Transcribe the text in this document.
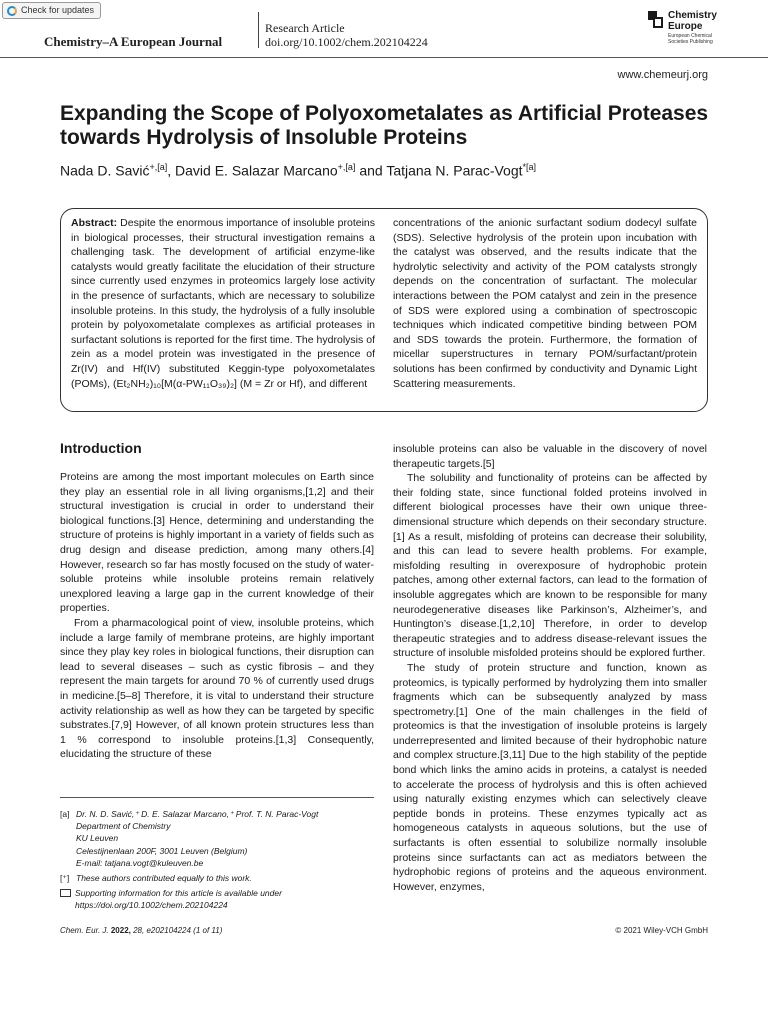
Check for updates
Chemistry–A European Journal
Research Article
doi.org/10.1002/chem.202104224
Chemistry
Europe
European Chemical
Societies Publishing
www.chemeurj.org
Expanding the Scope of Polyoxometalates as Artificial Proteases towards Hydrolysis of Insoluble Proteins
Nada D. Savić$^{+,[a]}$, David E. Salazar Marcano$^{+,[a]}$ and Tatjana N. Parac-Vogt$^{*[a]}$
Abstract: Despite the enormous importance of insoluble proteins in biological processes, their structural investigation remains a challenging task. The development of artificial enzyme-like catalysts would greatly facilitate the elucidation of their structure since currently used enzymes in proteomics largely lose activity in the presence of surfactants, which are necessary to solubilize insoluble proteins. In this study, the hydrolysis of a fully insoluble protein by polyoxometalate complexes as artificial proteases in surfactant solutions is reported for the first time. The hydrolysis of zein as a model protein was investigated in the presence of Zr(IV) and Hf(IV) substituted Keggin-type polyoxometalates (POMs), (Et₂NH₂)₁₀[M(α-PW₁₁O₃₉)₂] (M = Zr or Hf), and different
concentrations of the anionic surfactant sodium dodecyl sulfate (SDS). Selective hydrolysis of the protein upon incubation with the catalyst was observed, and the results indicate that the hydrolytic selectivity and activity of the POM catalysts strongly depends on the concentration of surfactant. The molecular interactions between the POM catalyst and zein in the presence of SDS were explored using a combination of spectroscopic techniques which indicated competitive binding between POM and SDS towards the protein. Furthermore, the formation of micellar superstructures in ternary POM/surfactant/protein solutions has been confirmed by conductivity and Dynamic Light Scattering measurements.
Introduction

Proteins are among the most important molecules on Earth since they play an essential role in all living organisms,[1,2] and their structural investigation is crucial in order to understand their biological functions.[3] Hence, determining and understanding the structure of proteins is highly important in a variety of fields such as drug design and disease prediction, among many others.[4] However, research so far has mostly focused on the study of water-soluble proteins while insoluble proteins remain relatively unexplored leaving a large gap in the current knowledge of their properties.

From a pharmacological point of view, insoluble proteins, which include a large family of membrane proteins, are highly important since they play key roles in biological functions, their disruption can lead to several diseases – such as cystic fibrosis – and they represent the main targets for around 70 % of currently used drugs in medicine.[5–8] Therefore, it is vital to understand their structure activity relationship as well as how they can be targeted by specific substrates.[7,9] However, of all known protein structures less than 1 % correspond to insoluble proteins.[1,3] Consequently, elucidating the structure of these

insoluble proteins can also be valuable in the discovery of novel therapeutic targets.[5]

The solubility and functionality of proteins can be affected by their folding state, since functional folded proteins involved in different biological processes have their own unique three-dimensional structure which depends on their secondary structure.[1] As a result, misfolding of proteins can decrease their solubility, and this can lead to severe health problems. For example, misfolding resulting in overexposure of hydrophobic protein patches, among other external factors, can lead to the formation of insoluble aggregates which are known to be responsible for many neurodegenerative diseases like Parkinson’s, Alzheimer’s, and Huntington’s disease.[1,2,10] Therefore, in order to develop therapeutic strategies and to address disease-relevant issues the structure of insoluble misfolded proteins should be explored further.

The study of protein structure and function, known as proteomics, is typically performed by hydrolyzing them into smaller fragments which can be subsequently analyzed by mass spectrometry.[1] One of the main challenges in the field of proteomics is that the investigation of insoluble proteins is largely underrepresented and limited because of their hydrophobic nature and complex structure.[3,11] Due to the high stability of the peptide bond which links the amino acids in proteins, a catalyst is needed to accelerate the process of hydrolysis and this is often achieved using naturally existing enzymes which can selectively cleave peptide bonds in proteins. These enzymes typically act as homogeneous catalysts in aqueous solutions, but the use of surfactants is often essential to solubilize normally insoluble proteins since surfactants can act as mediators between the hydrophobic regions of proteins and the aqueous environment. However, enzymes,

[a] Dr. N. D. Savić,⁺ D. E. Salazar Marcano,⁺ Prof. T. N. Parac-Vogt
Department of Chemistry
KU Leuven
Celestijnenlaan 200F, 3001 Leuven (Belgium)
E-mail: tatjana.vogt@kuleuven.be
[⁺] These authors contributed equally to this work.
Supporting information for this article is available under https://doi.org/10.1002/chem.202104224
Chem. Eur. J. 2022, 28, e202104224 (1 of 11)	© 2021 Wiley-VCH GmbH
